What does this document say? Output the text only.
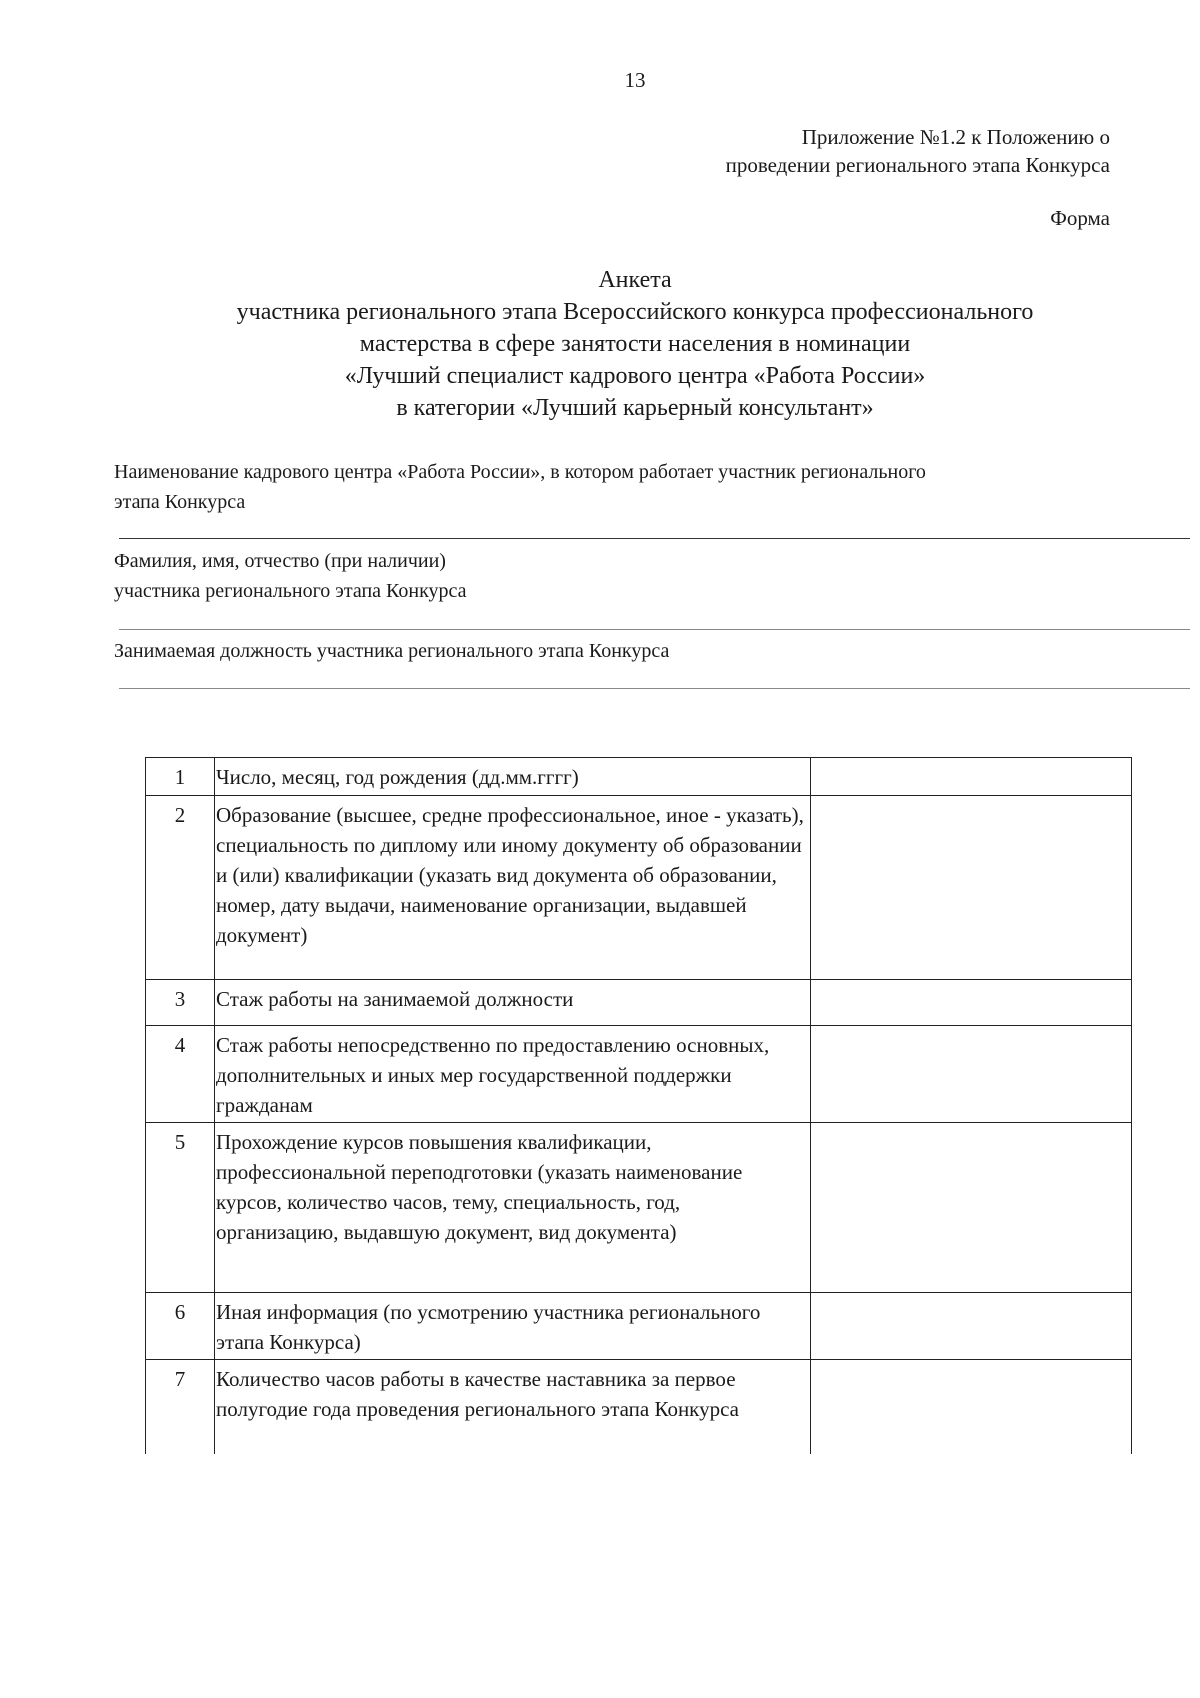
13
Приложение №1.2 к Положению о
проведении регионального этапа Конкурса
Форма
Анкета
участника регионального этапа Всероссийского конкурса профессионального
мастерства в сфере занятости населения в номинации
«Лучший специалист кадрового центра «Работа России»
в категории «Лучший карьерный консультант»
Наименование кадрового центра «Работа России», в котором работает участник регионального
этапа Конкурса
Фамилия, имя, отчество (при наличии)
участника регионального этапа Конкурса
Занимаемая должность участника регионального этапа Конкурса
1	Число, месяц, год рождения (дд.мм.гггг)	
2	Образование (высшее, средне профессиональное, иное - указать), специальность по диплому или иному документу об образовании и (или) квалификации (указать вид документа об образовании, номер, дату выдачи, наименование организации, выдавшей документ)	
3	Стаж работы на занимаемой должности	
4	Стаж работы непосредственно по предоставлению основных, дополнительных и иных мер государственной поддержки гражданам	
5	Прохождение курсов повышения квалификации, профессиональной переподготовки (указать наименование курсов, количество часов, тему, специальность, год, организацию, выдавшую документ, вид документа)	
6	Иная информация (по усмотрению участника регионального этапа Конкурса)	
7	Количество часов работы в качестве наставника за первое полугодие года проведения регионального этапа Конкурса	
